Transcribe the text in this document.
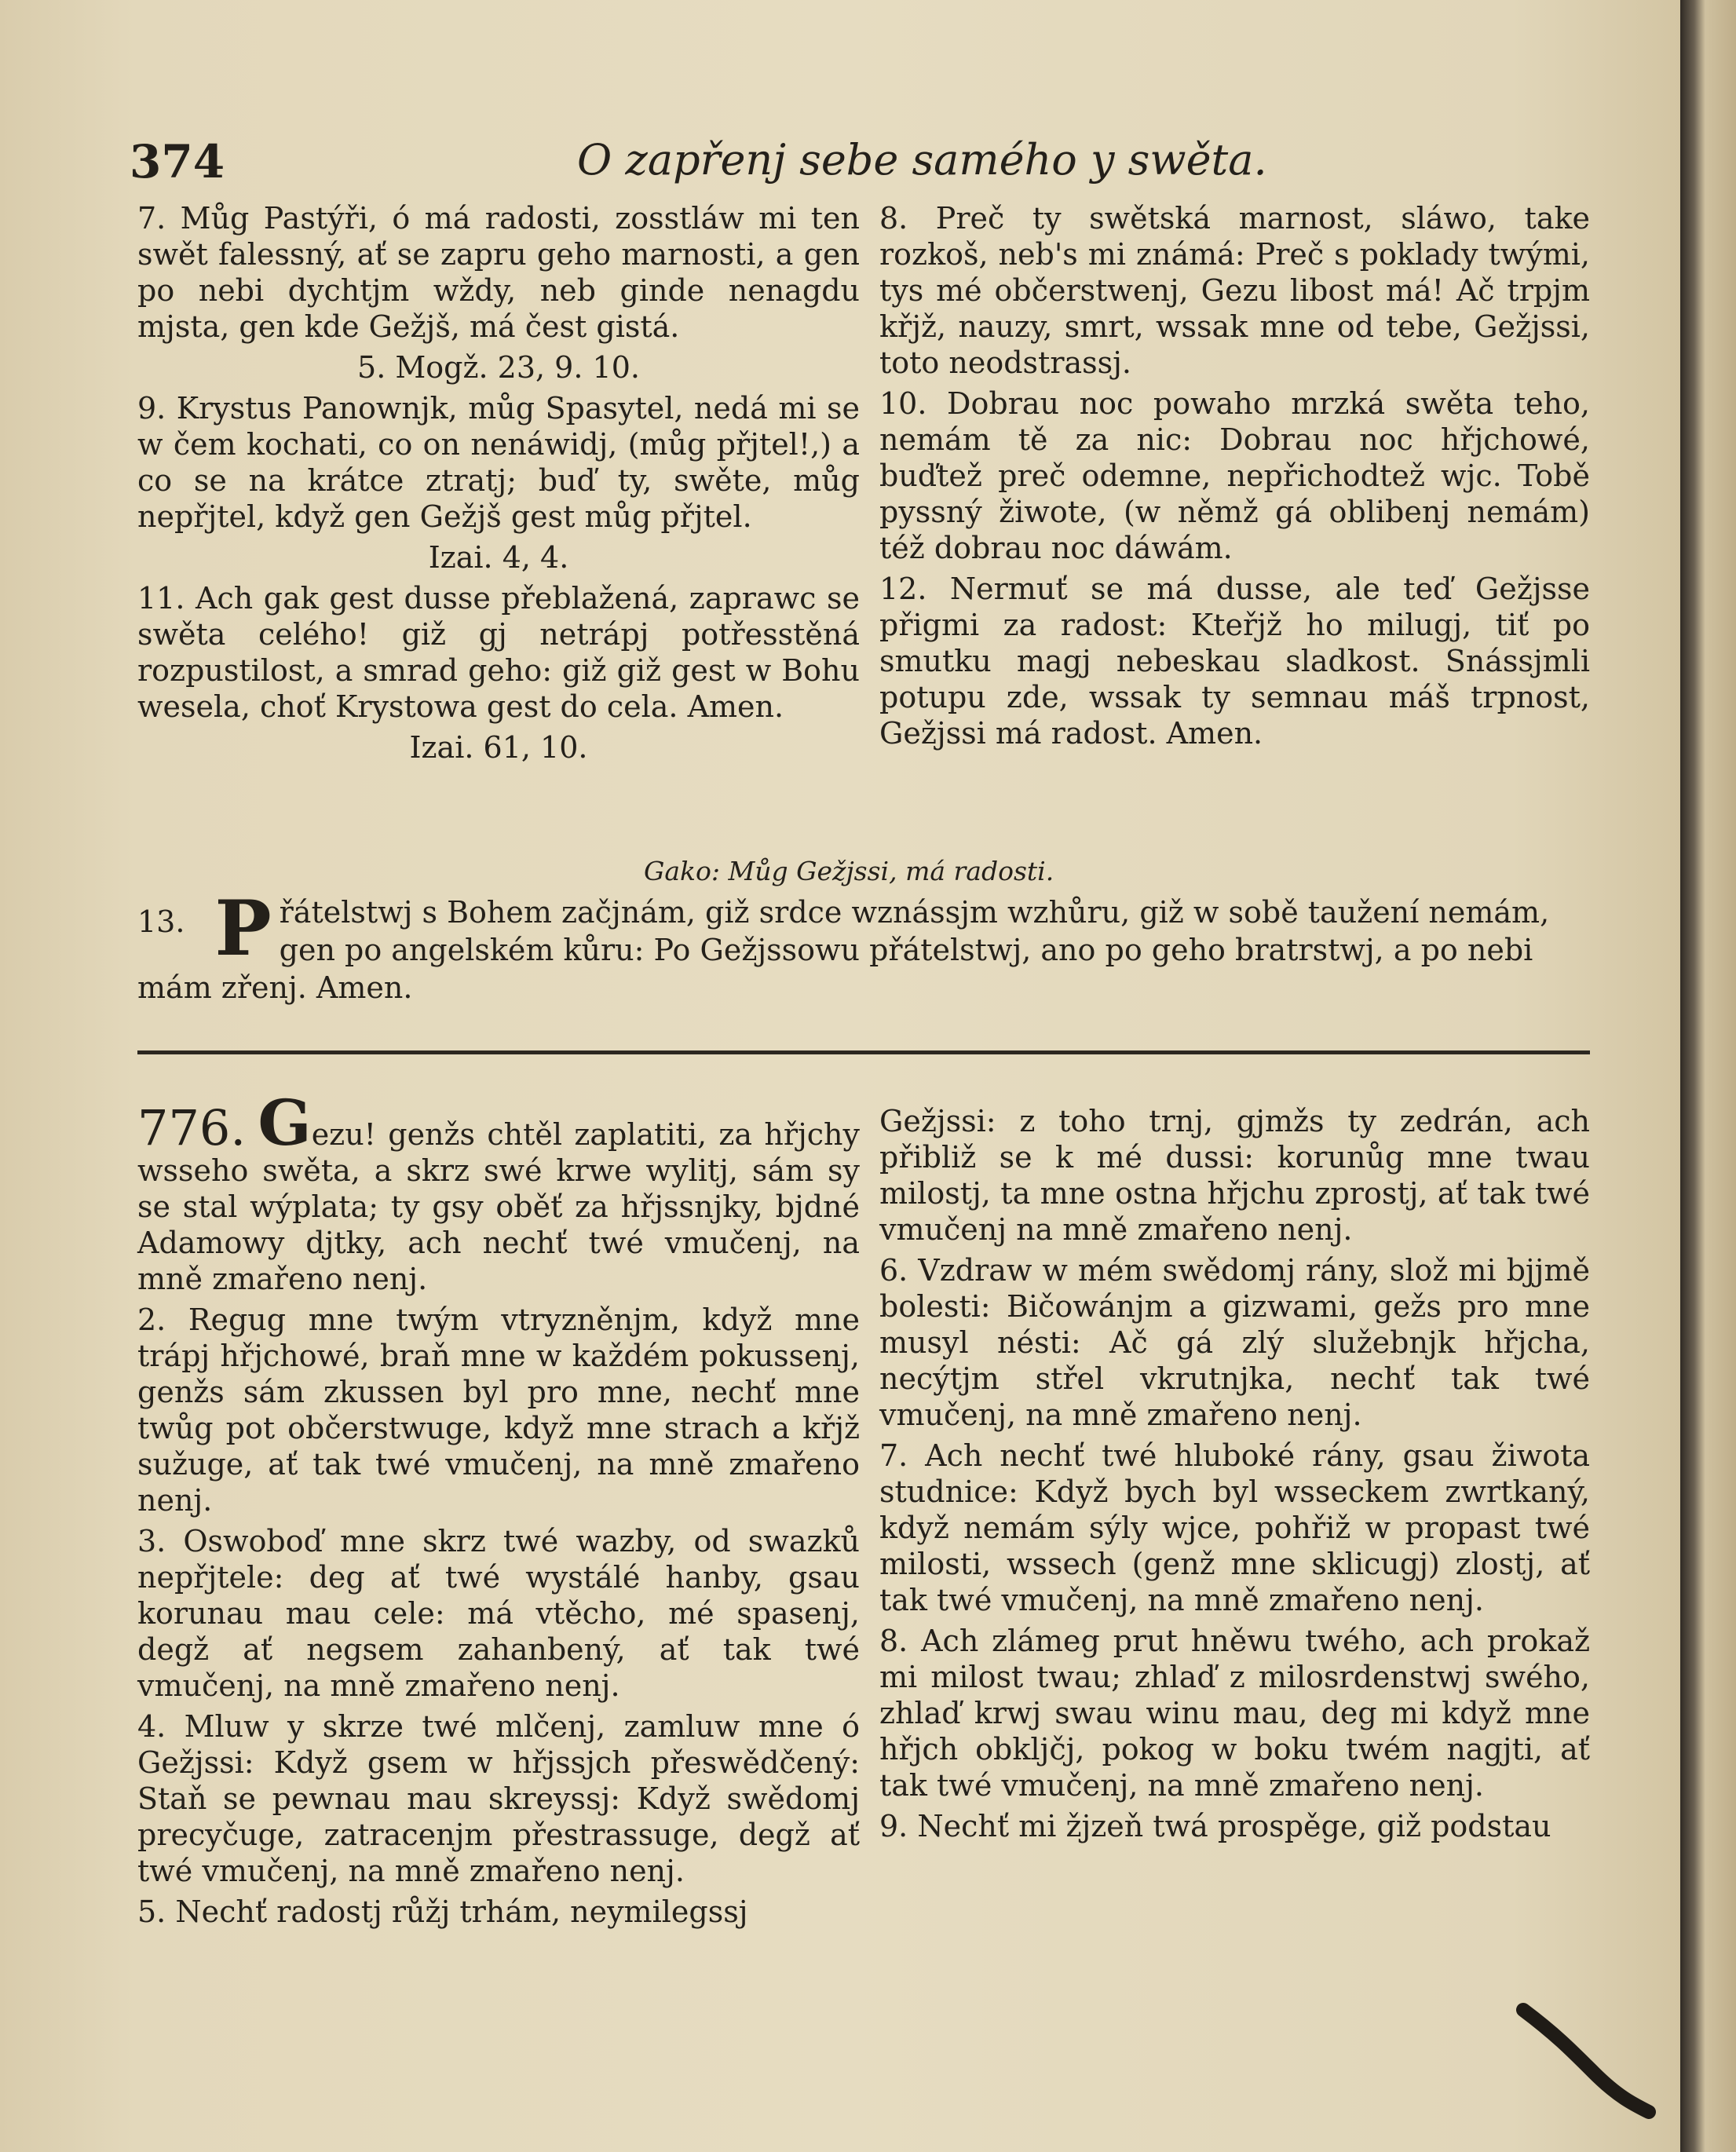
374	O zapřenj sebe samého y swěta.

7. Můg Pastýři, ó má radosti, zosstláw mi ten swět falessný, ať se zapru geho marnosti, a gen po nebi dychtjm wždy, neb ginde nenagdu mjsta, gen kde Gežjš, má čest gistá.

5. Mogž. 23, 9. 10.

9. Krystus Panownjk, můg Spasytel, nedá mi se w čem kochati, co on nenáwidj, (můg přjtel!,) a co se na krátce ztratj; buď ty, swěte, můg nepřjtel, když gen Gežjš gest můg přjtel.

Izai. 4, 4.

11. Ach gak gest dusse přeblažená, zaprawc se swěta celého! giž gj netrápj potřesstěná rozpustilost, a smrad geho: giž giž gest w Bohu wesela, choť Krystowa gest do cela. Amen.

Izai. 61, 10.

8. Preč ty swětská marnost, sláwo, take rozkoš, neb's mi známá: Preč s poklady twými, tys mé občerstwenj, Gezu libost má! Ač trpjm křjž, nauzy, smrt, wssak mne od tebe, Gežjssi, toto neodstrassj.

10. Dobrau noc powaho mrzká swěta teho, nemám tě za nic: Dobrau noc hřjchowé, buďtež preč odemne, nepřichodtež wjc. Tobě pyssný žiwote, (w němž gá oblibenj nemám) též dobrau noc dáwám.

12. Nermuť se má dusse, ale teď Gežjsse přigmi za radost: Kteřjž ho milugj, tiť po smutku magj nebeskau sladkost. Snássjmli potupu zde, wssak ty semnau máš trpnost, Gežjssi má radost. Amen.

Gako: Můg Gežjssi, má radosti.
13. P řátelstwj s Bohem začjnám, giž srdce wznássjm wzhůru, giž w sobě taužení nemám, gen po angelském kůru: Po Gežjssowu přátelstwj, ano po geho bratrstwj, a po nebi mám zřenj. Amen.

776. Gezu! genžs chtěl zaplatiti, za hřjchy wsseho swěta, a skrz swé krwe wylitj, sám sy se stal wýplata; ty gsy oběť za hřjssnjky, bjdné Adamowy djtky, ach nechť twé vmučenj, na mně zmařeno nenj.

2. Regug mne twým vtryzněnjm, když mne trápj hřjchowé, braň mne w každém pokussenj, genžs sám zkussen byl pro mne, nechť mne twůg pot občerstwuge, když mne strach a křjž sužuge, ať tak twé vmučenj, na mně zmařeno nenj.

3. Oswoboď mne skrz twé wazby, od swazků nepřjtele: deg ať twé wystálé hanby, gsau korunau mau cele: má vtěcho, mé spasenj, degž ať negsem zahanbený, ať tak twé vmučenj, na mně zmařeno nenj.

4. Mluw y skrze twé mlčenj, zamluw mne ó Gežjssi: Když gsem w hřjssjch přeswědčený: Staň se pewnau mau skreyssj: Když swědomj precyčuge, zatracenjm přestrassuge, degž ať twé vmučenj, na mně zmařeno nenj.

5. Nechť radostj růžj trhám, neymilegssj

Gežjssi: z toho trnj, gjmžs ty zedrán, ach přibliž se k mé dussi: korunůg mne twau milostj, ta mne ostna hřjchu zprostj, ať tak twé vmučenj na mně zmařeno nenj.

6. Vzdraw w mém swědomj rány, slož mi bjjmě bolesti: Bičowánjm a gizwami, gežs pro mne musyl nésti: Ač gá zlý služebnjk hřjcha, necýtjm střel vkrutnjka, nechť tak twé vmučenj, na mně zmařeno nenj.

7. Ach nechť twé hluboké rány, gsau žiwota studnice: Když bych byl wsseckem zwrtkaný, když nemám sýly wjce, pohřiž w propast twé milosti, wssech (genž mne sklicugj) zlostj, ať tak twé vmučenj, na mně zmařeno nenj.

8. Ach zlámeg prut hněwu twého, ach prokaž mi milost twau; zhlaď z milosrdenstwj swého, zhlaď krwj swau winu mau, deg mi když mne hřjch obkljčj, pokog w boku twém nagjti, ať tak twé vmučenj, na mně zmařeno nenj.

9. Nechť mi žjzeň twá prospěge, giž podstau
